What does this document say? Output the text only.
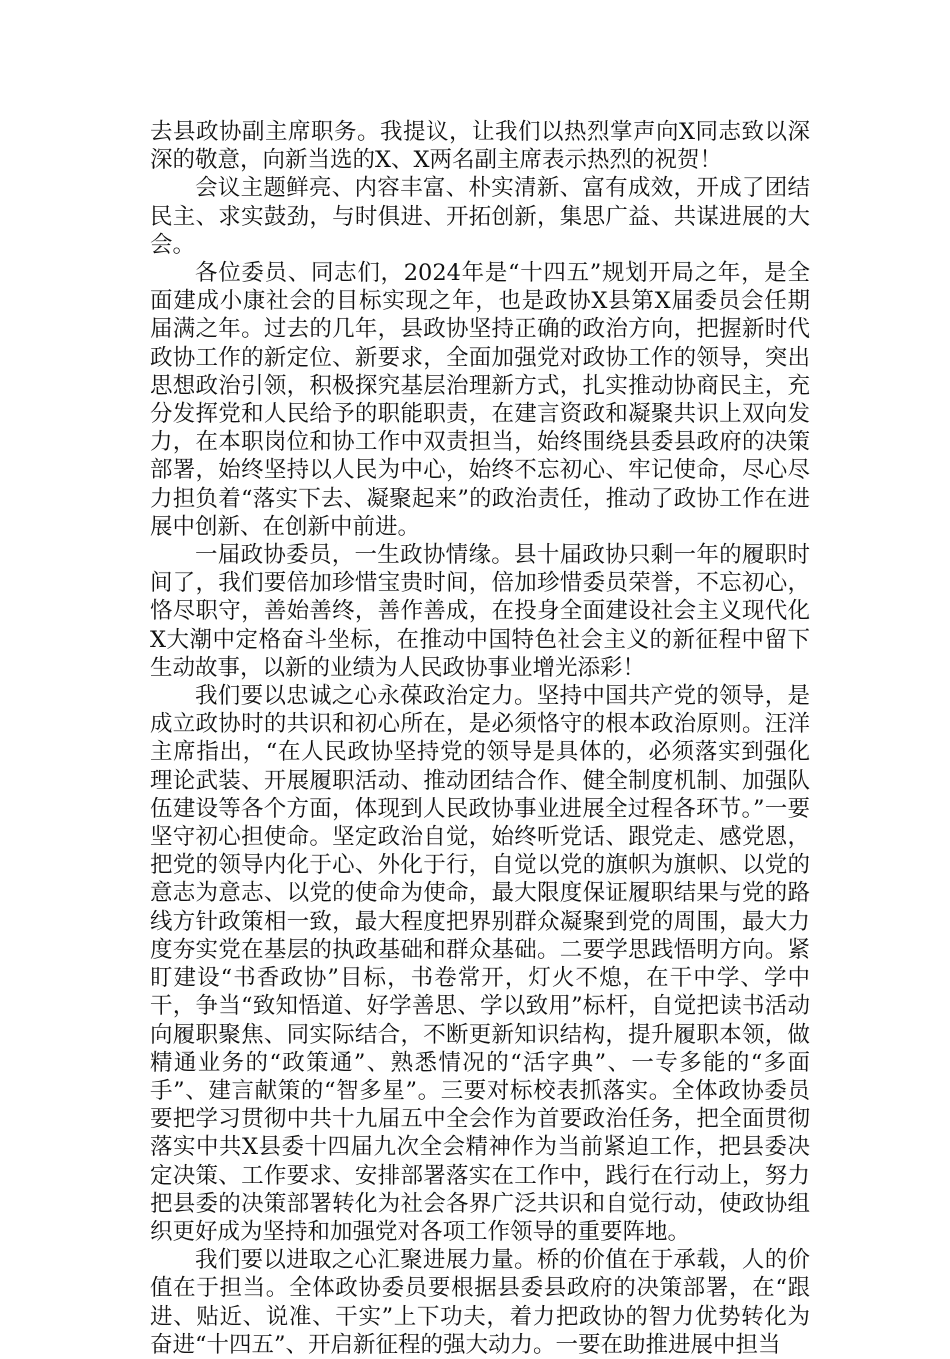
去县政协副主席职务。我提议，让我们以热烈掌声向X同志致以深深的敬意，向新当选的X、X两名副主席表示热烈的祝贺！

会议主题鲜亮、内容丰富、朴实清新、富有成效，开成了团结民主、求实鼓劲，与时俱进、开拓创新，集思广益、共谋进展的大会。

各位委员、同志们，2024年是“十四五”规划开局之年，是全面建成小康社会的目标实现之年，也是政协X县第X届委员会任期届满之年。过去的几年，县政协坚持正确的政治方向，把握新时代政协工作的新定位、新要求，全面加强党对政协工作的领导，突出思想政治引领，积极探究基层治理新方式，扎实推动协商民主，充分发挥党和人民给予的职能职责，在建言资政和凝聚共识上双向发力，在本职岗位和协工作中双责担当，始终围绕县委县政府的决策部署，始终坚持以人民为中心，始终不忘初心、牢记使命，尽心尽力担负着“落实下去、凝聚起来”的政治责任，推动了政协工作在进展中创新、在创新中前进。

一届政协委员，一生政协情缘。县十届政协只剩一年的履职时间了，我们要倍加珍惜宝贵时间，倍加珍惜委员荣誉，不忘初心，恪尽职守，善始善终，善作善成，在投身全面建设社会主义现代化X大潮中定格奋斗坐标，在推动中国特色社会主义的新征程中留下生动故事，以新的业绩为人民政协事业增光添彩！

我们要以忠诚之心永葆政治定力。坚持中国共产党的领导，是成立政协时的共识和初心所在，是必须恪守的根本政治原则。汪洋主席指出，“在人民政协坚持党的领导是具体的，必须落实到强化理论武装、开展履职活动、推动团结合作、健全制度机制、加强队伍建设等各个方面，体现到人民政协事业进展全过程各环节。”一要坚守初心担使命。坚定政治自觉，始终听党话、跟党走、感党恩，把党的领导内化于心、外化于行，自觉以党的旗帜为旗帜、以党的意志为意志、以党的使命为使命，最大限度保证履职结果与党的路线方针政策相一致，最大程度把界别群众凝聚到党的周围，最大力度夯实党在基层的执政基础和群众基础。二要学思践悟明方向。紧盯建设“书香政协”目标，书卷常开，灯火不熄，在干中学、学中干，争当“致知悟道、好学善思、学以致用”标杆，自觉把读书活动向履职聚焦、同实际结合，不断更新知识结构，提升履职本领，做精通业务的“政策通”、熟悉情况的“活字典”、一专多能的“多面手”、建言献策的“智多星”。三要对标校表抓落实。全体政协委员要把学习贯彻中共十九届五中全会作为首要政治任务，把全面贯彻落实中共X县委十四届九次全会精神作为当前紧迫工作，把县委决定决策、工作要求、安排部署落实在工作中，践行在行动上，努力把县委的决策部署转化为社会各界广泛共识和自觉行动，使政协组织更好成为坚持和加强党对各项工作领导的重要阵地。

我们要以进取之心汇聚进展力量。桥的价值在于承载，人的价值在于担当。全体政协委员要根据县委县政府的决策部署，在“跟进、贴近、说准、干实”上下功夫，着力把政协的智力优势转化为奋进“十四五”、开启新征程的强大动力。一要在助推进展中担当
